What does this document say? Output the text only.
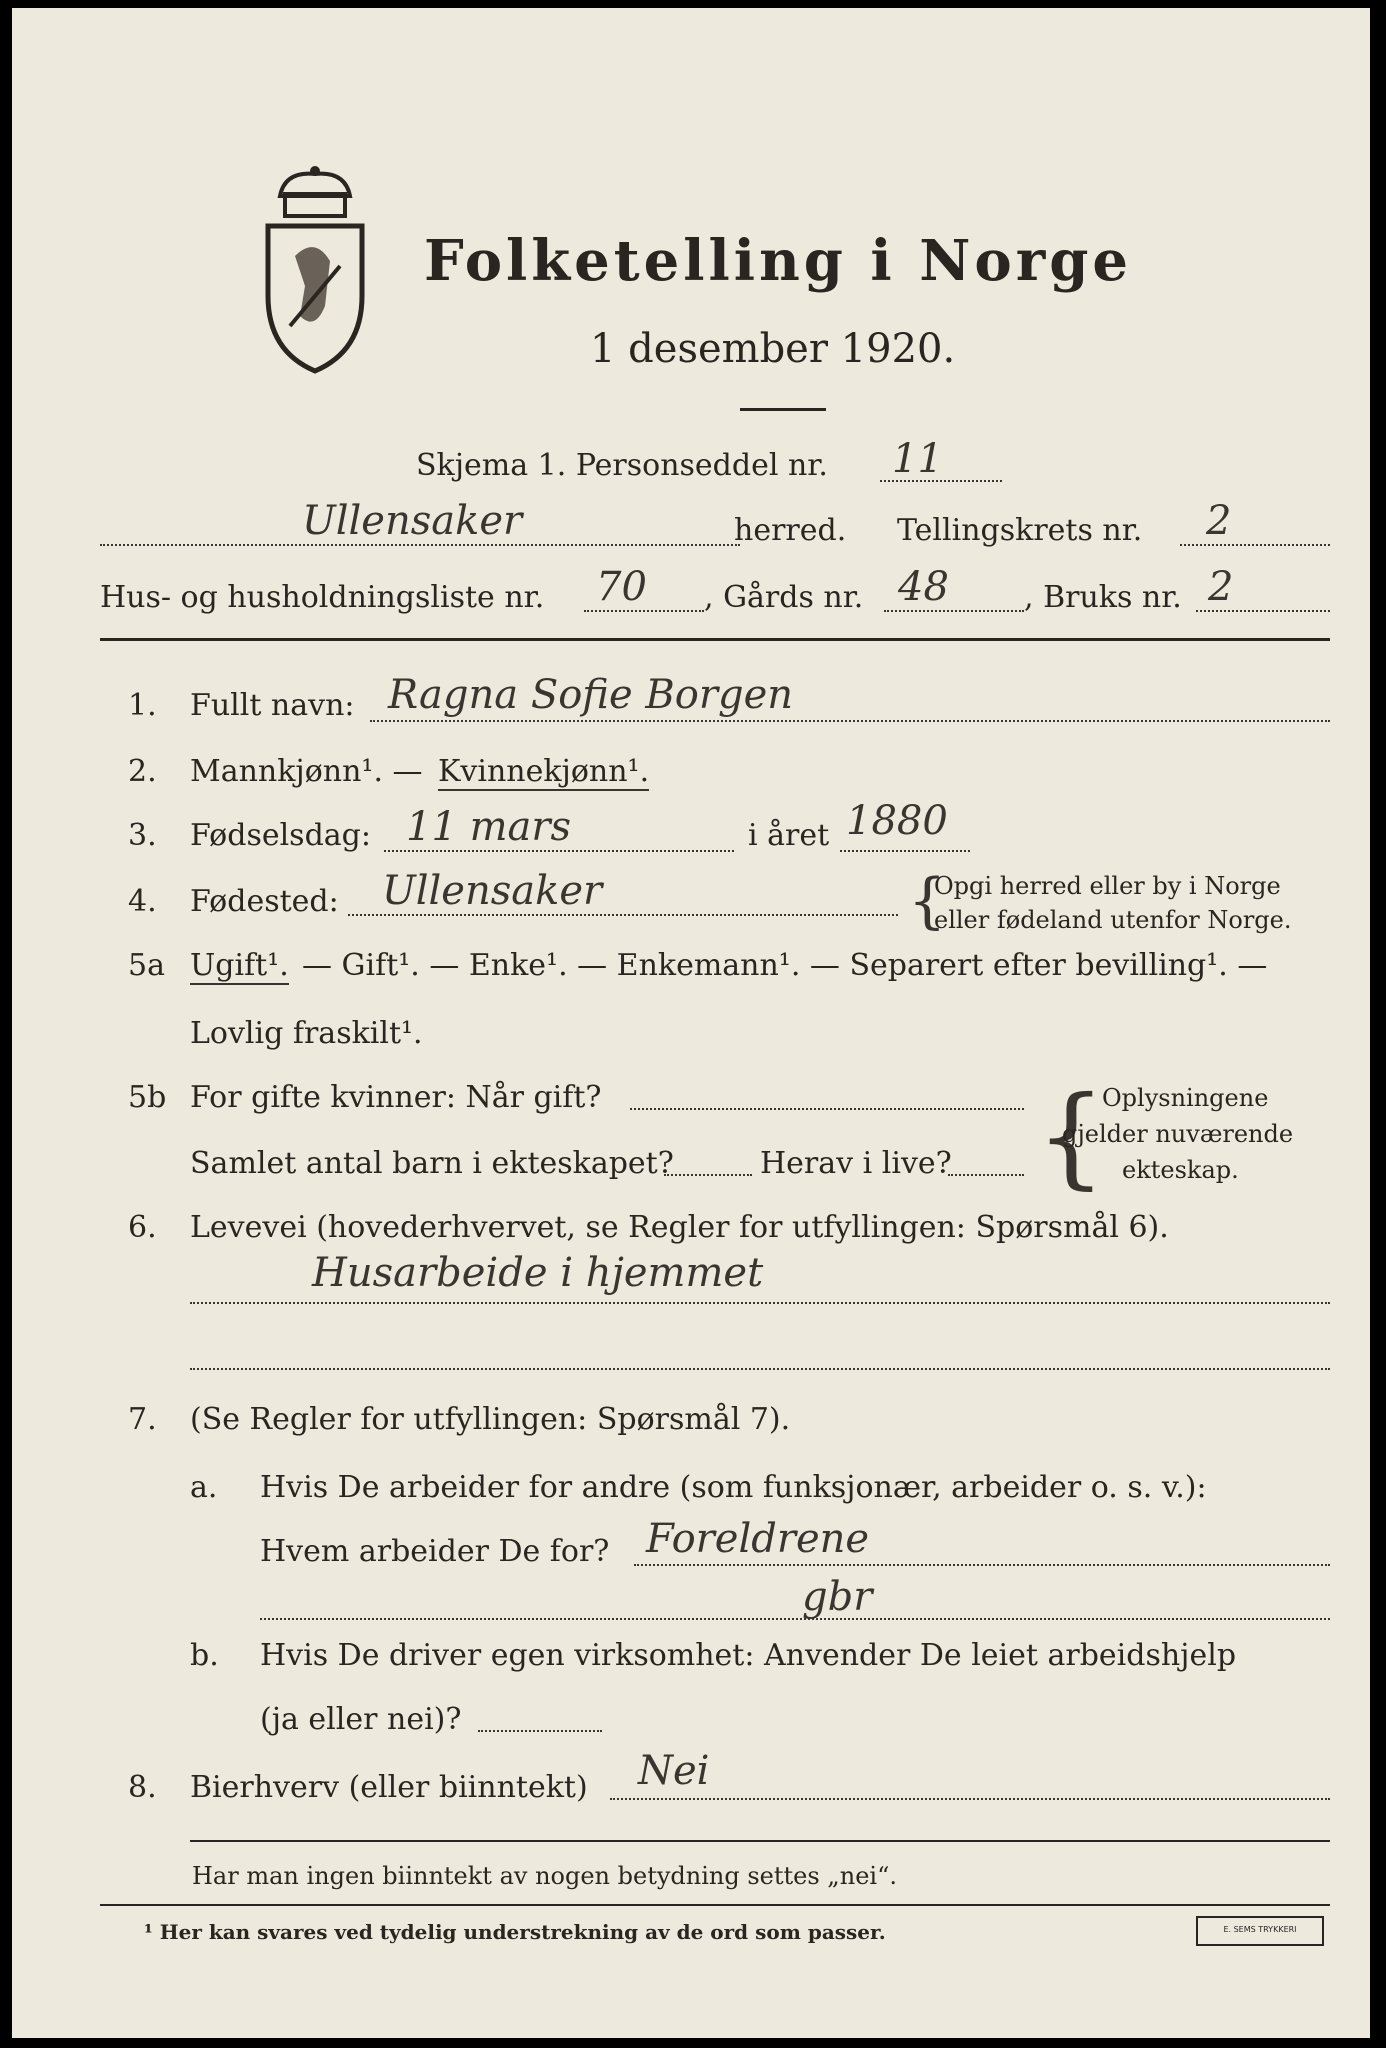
Folketelling i Norge
1 desember 1920.
Skjema 1. Personseddel nr. 11
Ullensaker	herred. Tellingskrets nr. 2
Hus- og husholdningsliste nr. 70 , Gårds nr. 48	, Bruks nr. 2
1. Fullt navn: Ragna Sofie Borgen
2. Mannkjønn¹. — Kvinnekjønn¹.
3. Fødselsdag: 11 mars	i året 1880
4. Fødested: Ullensaker	{
Opgi herred eller by i Norge
eller fødeland utenfor Norge.
5a Ugift¹. — Gift¹. — Enke¹. — Enkemann¹. — Separert efter bevilling¹. —
Lovlig fraskilt¹.
5b For gifte kvinner: Når gift?
Samlet antal barn i ekteskapet?	Herav i live? {
Oplysningene
gjelder nuværende
ekteskap.
6. Levevei (hovederhvervet, se Regler for utfyllingen: Spørsmål 6).
Husarbeide i hjemmet
7. (Se Regler for utfyllingen: Spørsmål 7).
a. Hvis De arbeider for andre (som funksjonær, arbeider o. s. v.):
Hvem arbeider De for? Foreldrene
gbr
b. Hvis De driver egen virksomhet: Anvender De leiet arbeidshjelp
(ja eller nei)?
8. Bierhverv (eller biinntekt) Nei
Har man ingen biinntekt av nogen betydning settes „nei“.
¹ Her kan svares ved tydelig understrekning av de ord som passer.	E. SEMS TRYKKERI
